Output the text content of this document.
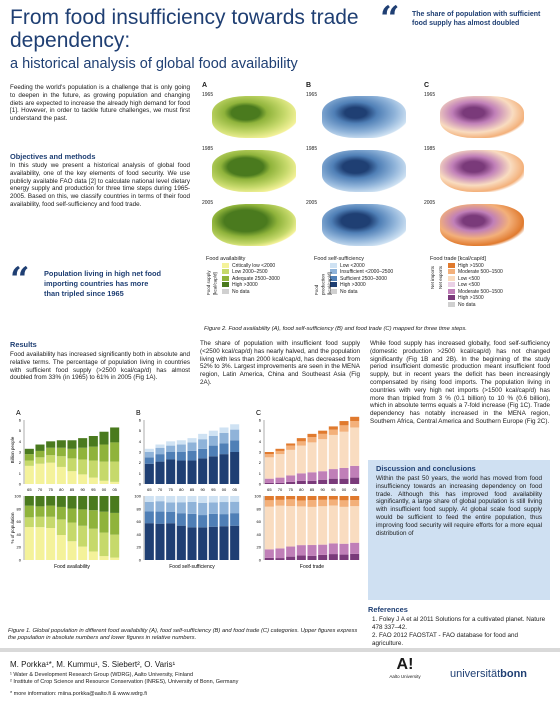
From food insufficiency towards trade dependency:
a historical analysis of global food availability
“ The share of population with sufficient food supply has almost doubled
Feeding the world's population is a challenge that is only going to deepen in the future, as growing population and changing diets are expected to increase the already high demand for food [1]. However, in order to tackle future challenges, we must first understand the past.
Objectives and methods
In this study we present a historical analysis of global food availability, one of the key elements of food security. We use publicly available FAO data [2] to calculate national level dietary energy supply and production for three time steps during 1965-2005. Based on this, we classify countries in terms of their food availability, food self-sufficiency and food trade.
“ Population living in high net food importing countries has more than tripled since 1965
A	B	C
1965
1985
2005
1965
1985
2005
1965
1985
2005
Food availability
Food supply [kcal/cap/d]
Critically low <2000
Low 2000–2500
Adequate 2500–3000
High >3000
No data
Food self-sufficiency
Food production [kcal/cap/d]
Low <2000
Insufficient <2000–2500
Sufficient 2500–3000
High >3000
No data
Food trade [kcal/cap/d]
Net imports Net exports
High >1500
Moderate 500–1500
Low <500
Low <500
Moderate 500–1500
High >1500
No data
Figure 2. Food availability (A), food self-sufficiency (B) and food trade (C) mapped for three time steps.
Results
Food availability has increased significantly both in absolute and relative terms. The percentage of population living in countries with sufficient food supply (>2500 kcal/cap/d) has almost doubled from 33% (in 1965) to 61% in 2005 (Fig 1A).
The share of population with insufficient food supply (<2500 kcal/cap/d) has nearly halved, and the population living with less than 2000 kcal/cap/d, has decreased from 52% to 3%. Largest improvements are seen in the MENA region, Latin America, China and Southeast Asia (Fig 2A).
While food supply has increased globally, food self-sufficiency (domestic production >2500 kcal/cap/d) has not changed significantly (Fig 1B and 2B). In the beginning of the study period insufficient domestic production meant insufficient food supply, but in recent years the deficit has been increasingly compensated by rising food imports. The population living in countries with very high net imports (>1500 kcal/cap/d) has more than tripled from 3 % (0.1 billion) to 10 % (0.6 billion), which in absolute terms equals a 7-fold increase (Fig 1C). Trade dependency has notably increased in the MENA region, Southern Africa, Central America and Southern Europe (Fig 2C).
A
0
1
2
3
4
5
6
0
20
40
60
80
100
65 70 75 80 85 90 95 00 05
Food availability
B
0
1
2
3
4
5
6
0
20
40
60
80
100
65 70 75 80 85 90 95 00 05
Food self-sufficiency
C
0
1
2
3
4
5
6
0
20
40
60
80
100
65 70 75 80 85 90 95 00 05
Food trade
Billion people
% of population
Figure 1. Global population in different food availability (A), food self-sufficiency (B) and food trade (C) categories. Upper figures express the population in absolute numbers and lower figures in relative numbers.
Discussion and conclusions
Within the past 50 years, the world has moved from food insufficiency towards an increasing dependency on food trade. Although this has improved food availability significantly, a large share of global population is still living with insufficient food supply. At global scale food supply would be sufficient to feed the entire population, thus improving food security will require efforts for a more equal distribution of
References
1. Foley J A et al 2011 Solutions for a cultivated planet. Nature 478 337–42.
2. FAO 2012 FAOSTAT - FAO database for food and agriculture.
M. Porkka¹*, M. Kummu¹, S. Siebert², O. Varis¹
¹ Water & Development Research Group (WDRG), Aalto University, Finland
² Institute of Crop Science and Resource Conservation (INRES), University of Bonn, Germany
* more information: miina.porkka@aalto.fi & www.wdrg.fi
A!
Aalto University	universitätbonn
